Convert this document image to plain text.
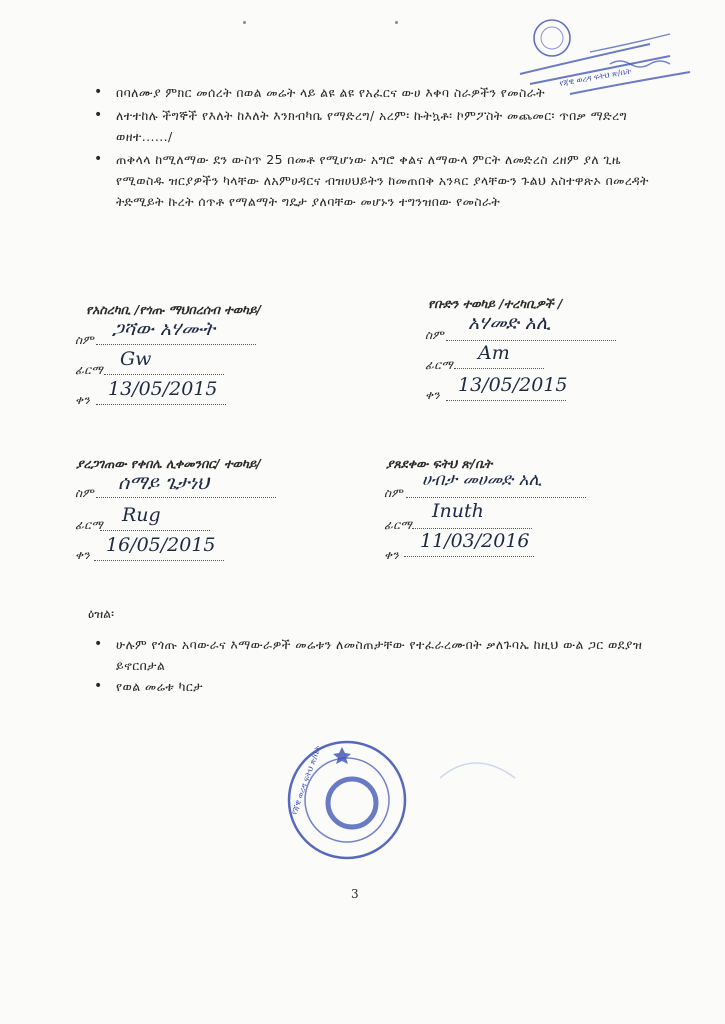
የጃዊ ወረዳ ፍትህ ጽ/ቤት
• በባለሙያ ምክር መሰረት በወል መሬት ላይ ልዩ ልዩ የአፈርና ውሀ እቀባ ስራዎችን የመስራት
• ለተተከሉ ችግኞች የእለት ከእለት እንክብካቤ የማድረግ/ አረም፡ ኩትኳቶ፡ ኮምፖስት መጨመር፡ ጥበቃ ማድረግ ወዘተ....../
• ጠቅላላ ከሚለማው ደን ውስጥ 25 በመቶ የሚሆነው አግሮ ቀልና ለማውላ ምርት ለመድረስ ረዘም ያለ ጊዜ የሚወስዱ ዝርያዎችን ካላቸው ለአምሀዳርና ብዝሀህይትን ከመጠበቅ አንጻር ያላቸውን ጉልህ አስተዋጽኦ በመረዳት ትድሚይት ኩረት ሰጥቶ የማልማት ግዴታ ያለባቸው መሆኑን ተግንዝበው የመስራት
የአስረካቢ /የጎጡ ማህበረሰብ ተወካይ/
ስም ጋሻው አሃሙት
ፊርማ Gw
ቀን 13/05/2015
የቡድን ተወካይ /ተረካቢዎች /
ስም
አሃመድ አሊ
ፊርማ
Am
ቀን 13/05/2015
ያረጋገጠው የቀበሌ ሊቀመንበር/ ተወካይ/
ስም ሰማይ ጌታነህ
ፊርማ Rug
ቀን 16/05/2015
ያጸደቀው ፍትህ ጽ/ቤት
ስም
ሀብታ መሀመድ አሊ
ፊርማ
Inuth
ቀን
11/03/2016
ዕዝል፡
• ሁሉም የጎጡ አባውራና እማውራዎች መሬቱን ለመስጠታቸው የተፈራረሙበት ቃለጉባኤ ከዚህ ውል ጋር ወደያዝ ይኖርበታል
• የወል መሬቱ ካርታ
የጃዊ ወረዳ ፍትህ ጽ/ቤት
3
